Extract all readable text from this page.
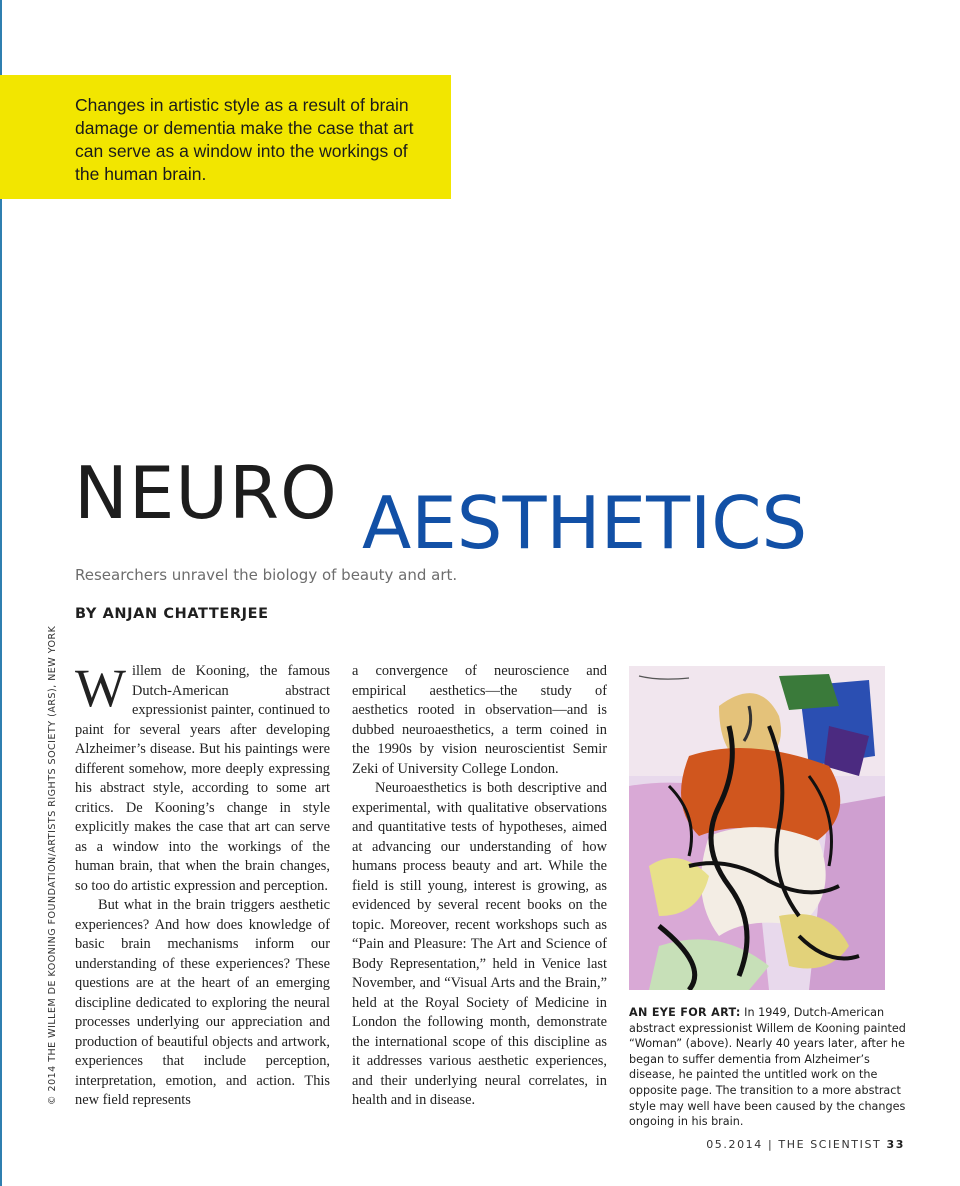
Changes in artistic style as a result of brain damage or dementia make the case that art can serve as a window into the workings of the human brain.

NEURO AESTHETICS
Researchers unravel the biology of beauty and art.
BY ANJAN CHATTERJEE
© 2014 THE WILLEM DE KOONING FOUNDATION/ARTISTS RIGHTS SOCIETY (ARS), NEW YORK Willem de Kooning, the famous Dutch-American abstract expressionist painter, continued to paint for several years after developing Alzheimer’s disease. But his paintings were different somehow, more deeply expressing his abstract style, according to some art critics. De Kooning’s change in style explicitly makes the case that art can serve as a window into the workings of the human brain, that when the brain changes, so too do artistic expression and perception.

But what in the brain triggers aesthetic experiences? And how does knowledge of basic brain mechanisms inform our understanding of these experiences? These questions are at the heart of an emerging discipline dedicated to exploring the neural processes underlying our appreciation and production of beautiful objects and artwork, experiences that include perception, interpretation, emotion, and action. This new field represents

a convergence of neuroscience and empirical aesthetics—the study of aesthetics rooted in observation—and is dubbed neuroaesthetics, a term coined in the 1990s by vision neuroscientist Semir Zeki of University College London.

Neuroaesthetics is both descriptive and experimental, with qualitative observations and quantitative tests of hypotheses, aimed at advancing our understanding of how humans process beauty and art. While the field is still young, interest is growing, as evidenced by several recent books on the topic. Moreover, recent workshops such as “Pain and Pleasure: The Art and Science of Body Representation,” held in Venice last November, and “Visual Arts and the Brain,” held at the Royal Society of Medicine in London the following month, demonstrate the international scope of this discipline as it addresses various aesthetic experiences, and their underlying neural correlates, in health and in disease.

AN EYE FOR ART: In 1949, Dutch-American abstract expressionist Willem de Kooning painted “Woman” (above). Nearly 40 years later, after he began to suffer dementia from Alzheimer’s disease, he painted the untitled work on the opposite page. The transition to a more abstract style may well have been caused by the changes ongoing in his brain.
05.2014 | THE SCIENTIST 33
